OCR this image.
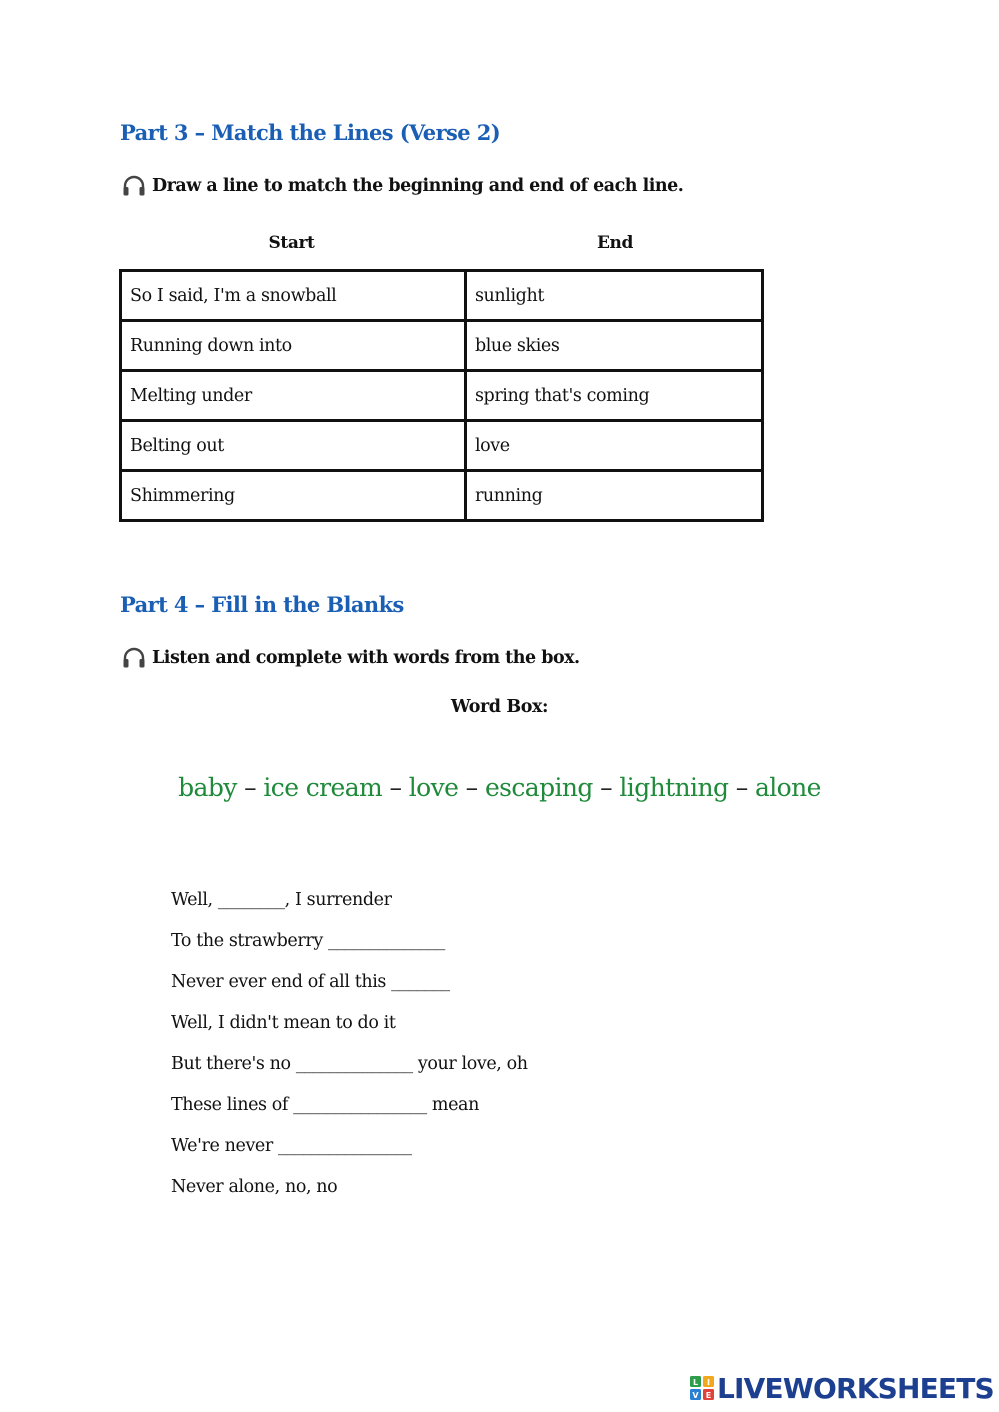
Part 3 – Match the Lines (Verse 2)
Draw a line to match the beginning and end of each line.
Start	End
So I said, I'm a snowball	sunlight
Running down into	blue skies
Melting under	spring that's coming
Belting out	love
Shimmering	running
Part 4 – Fill in the Blanks
Listen and complete with words from the box.
Word Box:
baby – ice cream – love – escaping – lightning – alone
Well, ________, I surrender
To the strawberry ______________
Never ever end of all this _______
Well, I didn't mean to do it
But there's no ______________ your love, oh
These lines of ________________ mean
We're never ________________
Never alone, no, no
L I
V E LIVEWORKSHEETS
